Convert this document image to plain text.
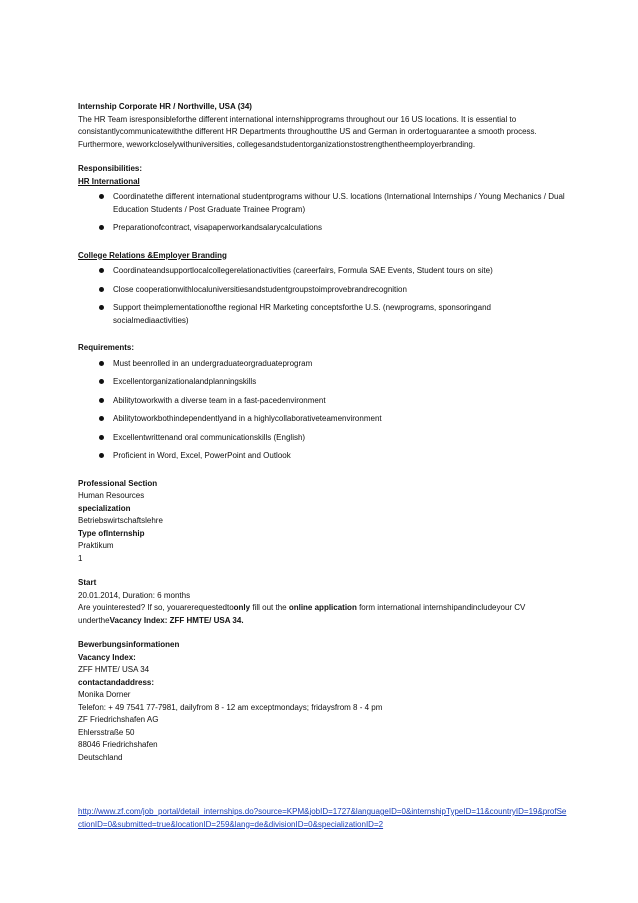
Internship Corporate HR / Northville, USA (34)
The HR Team isresponsibleforthe different international internshipprograms throughout our 16 US locations. It is essential to consistantlycommunicatewiththe different HR Departments throughoutthe US and German in ordertoguarantee a smooth process. Furthermore, weworkcloselywithuniversities, collegesandstudentorganizationstostrengthentheemployerbranding.
Responsibilities:
HR International
Coordinatethe different international studentprograms withour U.S. locations (International Internships / Young Mechanics / Dual Education Students / Post Graduate Trainee Program)
Preparationofcontract, visapaperworkandsalarycalculations
College Relations &Employer Branding
Coordinateandsupportlocalcollegerelationactivities (careerfairs, Formula SAE Events, Student tours on site)
Close cooperationwithlocaluniversitiesandstudentgroupstoimprovebrandrecognition
Support theimplementationofthe regional HR Marketing conceptsforthe U.S. (newprograms, sponsoringand socialmediaactivities)
Requirements:
Must beenrolled in an undergraduateorgraduateprogram
Excellentorganizationalandplanningskills
Abilitytoworkwith a diverse team in a fast-pacedenvironment
Abilitytoworkbothindependentlyand in a highlycollaborativeteamenvironment
Excellentwrittenand oral communicationskills (English)
Proficient in Word, Excel, PowerPoint and Outlook
Professional Section
Human Resources
specialization
Betriebswirtschaftslehre
Type ofInternship
Praktikum
1
Start
20.01.2014, Duration: 6 months
Are youinterested? If so, youarerequestedtoonly fill out the online application form international internshipandincludeyour CV
undertheVacancy Index: ZFF HMTE/ USA 34.
Bewerbungsinformationen
Vacancy Index:
ZFF HMTE/ USA 34
contactandaddress:
Monika Dorner
Telefon: + 49 7541 77-7981, dailyfrom 8 - 12 am exceptmondays; fridaysfrom 8 - 4 pm
ZF Friedrichshafen AG
Ehlersstraße 50
88046 Friedrichshafen
Deutschland
http://www.zf.com/job_portal/detail_internships.do?source=KPM&jobID=1727&languageID=0&internshipTypeID=11&countryID=19&profSectionID=0&submitted=true&locationID=259&lang=de&divisionID=0&specializationID=2
